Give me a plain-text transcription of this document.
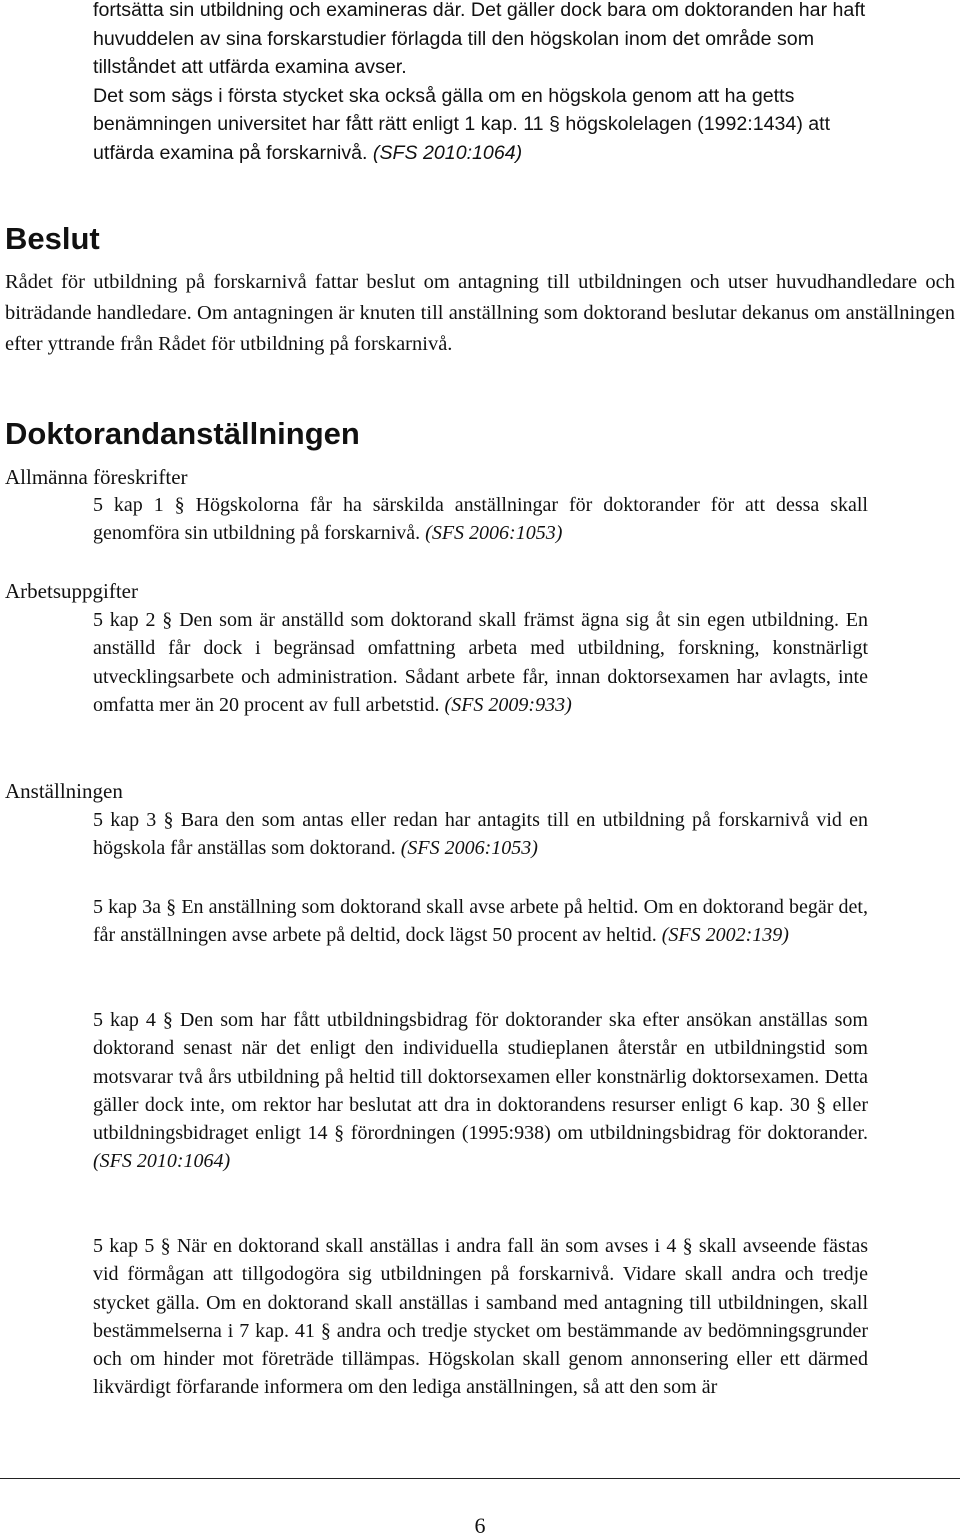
fortsätta sin utbildning och examineras där. Det gäller dock bara om doktoranden har haft huvuddelen av sina forskarstudier förlagda till den högskolan inom det område som tillståndet att utfärda examina avser.

Det som sägs i första stycket ska också gälla om en högskola genom att ha getts benämningen universitet har fått rätt enligt 1 kap. 11 § högskolelagen (1992:1434) att utfärda examina på forskarnivå. (SFS 2010:1064)

Beslut

Rådet för utbildning på forskarnivå fattar beslut om antagning till utbildningen och utser huvudhandledare och biträdande handledare. Om antagningen är knuten till anställning som doktorand beslutar dekanus om anställningen efter yttrande från Rådet för utbildning på forskarnivå.

Doktorandanställningen
Allmänna föreskrifter

5 kap 1 § Högskolorna får ha särskilda anställningar för doktorander för att dessa skall genomföra sin utbildning på forskarnivå. (SFS 2006:1053)

Arbetsuppgifter

5 kap 2 § Den som är anställd som doktorand skall främst ägna sig åt sin egen utbildning. En anställd får dock i begränsad omfattning arbeta med utbildning, forskning, konstnärligt utvecklingsarbete och administration. Sådant arbete får, innan doktorsexamen har avlagts, inte omfatta mer än 20 procent av full arbetstid. (SFS 2009:933)

Anställningen

5 kap 3 § Bara den som antas eller redan har antagits till en utbildning på forskarnivå vid en högskola får anställas som doktorand. (SFS 2006:1053)

5 kap 3a § En anställning som doktorand skall avse arbete på heltid. Om en doktorand begär det, får anställningen avse arbete på deltid, dock lägst 50 procent av heltid. (SFS 2002:139)

5 kap 4 § Den som har fått utbildningsbidrag för doktorander ska efter ansökan anställas som doktorand senast när det enligt den individuella studieplanen återstår en utbildningstid som motsvarar två års utbildning på heltid till doktorsexamen eller konstnärlig doktorsexamen. Detta gäller dock inte, om rektor har beslutat att dra in doktorandens resurser enligt 6 kap. 30 § eller utbildningsbidraget enligt 14 § förordningen (1995:938) om utbildningsbidrag för doktorander. (SFS 2010:1064)

5 kap 5 § När en doktorand skall anställas i andra fall än som avses i 4 § skall avseende fästas vid förmågan att tillgodogöra sig utbildningen på forskarnivå. Vidare skall andra och tredje stycket gälla. Om en doktorand skall anställas i samband med antagning till utbildningen, skall bestämmelserna i 7 kap. 41 § andra och tredje stycket om bestämmande av bedömningsgrunder och om hinder mot företräde tillämpas. Högskolan skall genom annonsering eller ett därmed likvärdigt förfarande informera om den lediga anställningen, så att den som är

6
